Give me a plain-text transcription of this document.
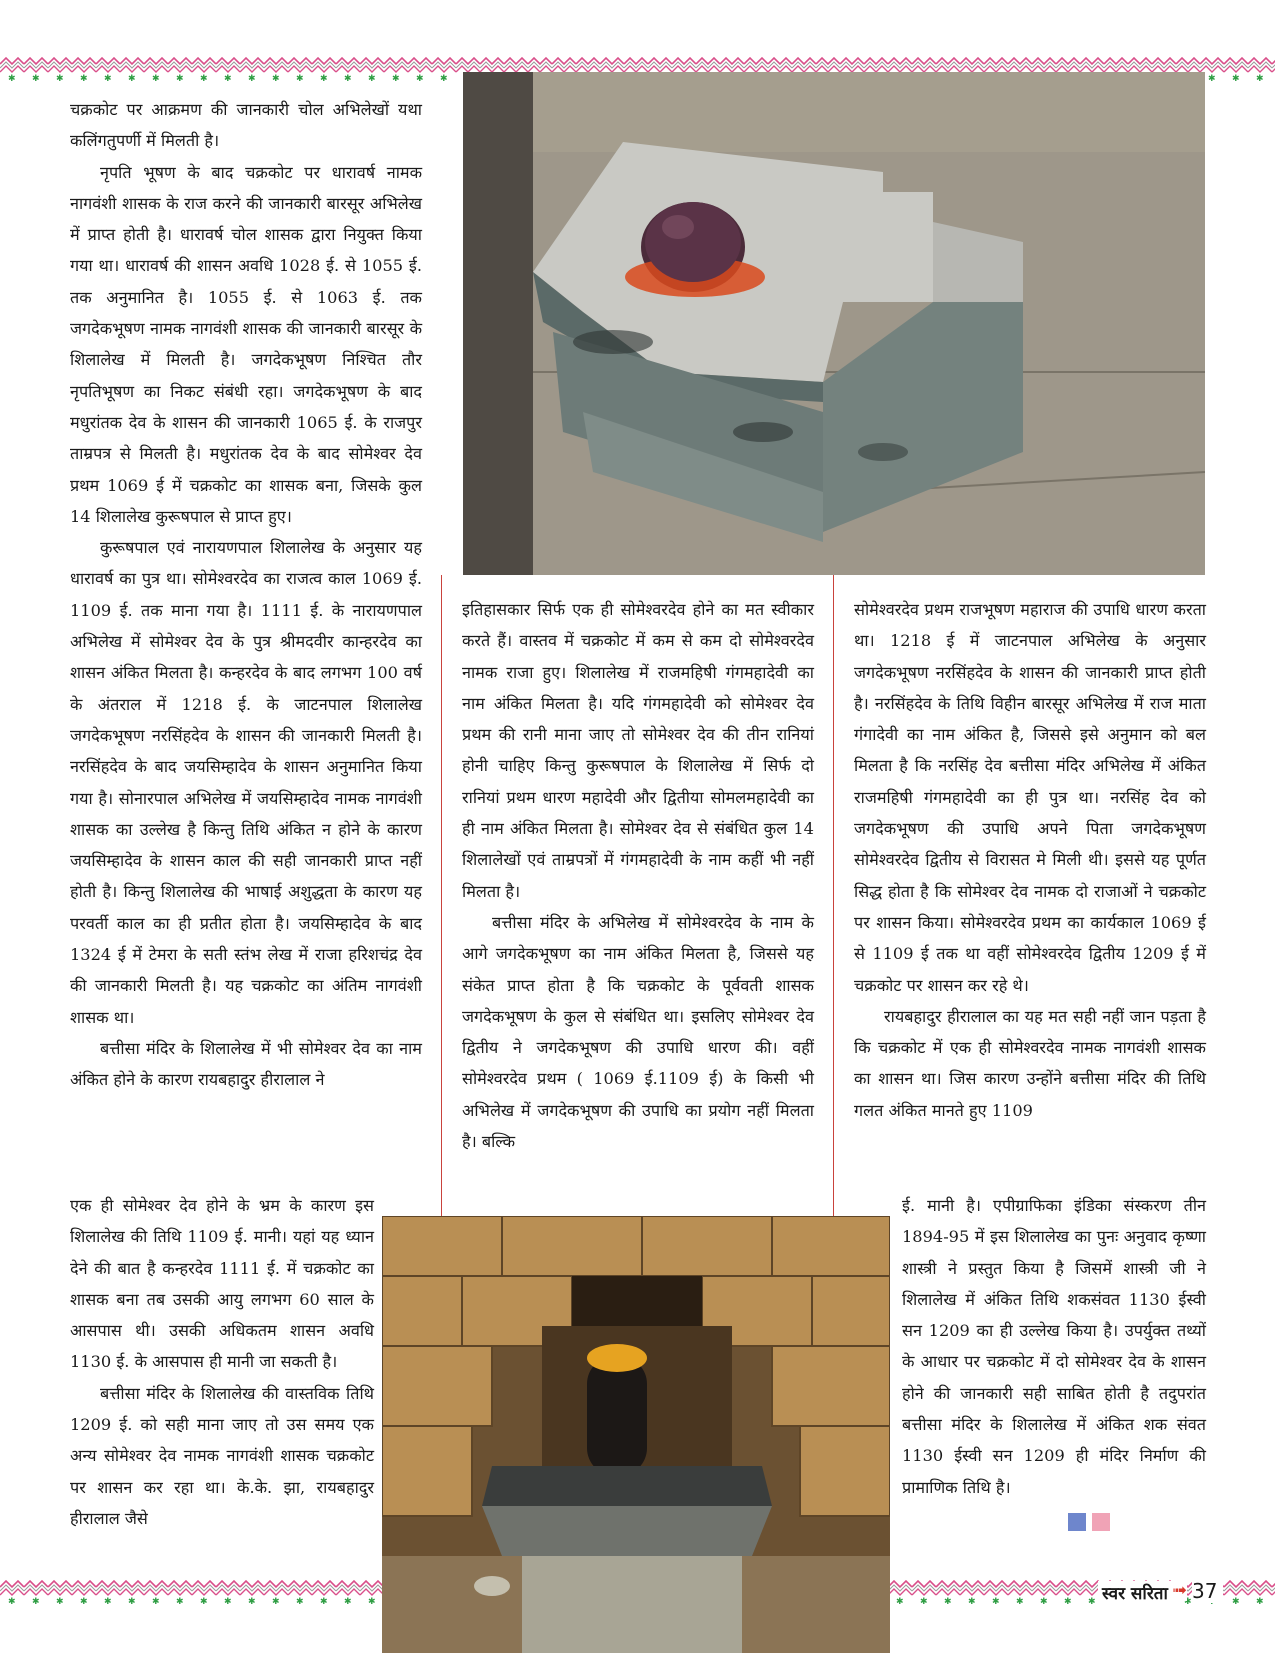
चक्रकोट पर आक्रमण की जानकारी चोल अभिलेखों यथा कलिंगतुपर्णी में मिलती है।

नृपति भूषण के बाद चक्रकोट पर धारावर्ष नामक नागवंशी शासक के राज करने की जानकारी बारसूर अभिलेख में प्राप्त होती है। धारावर्ष चोल शासक द्वारा नियुक्त किया गया था। धारावर्ष की शासन अवधि 1028 ई. से 1055 ई. तक अनुमानित है। 1055 ई. से 1063 ई. तक जगदेकभूषण नामक नागवंशी शासक की जानकारी बारसूर के शिलालेख में मिलती है। जगदेकभूषण निश्चित तौर नृपतिभूषण का निकट संबंधी रहा। जगदेकभूषण के बाद मधुरांतक देव के शासन की जानकारी 1065 ई. के राजपुर ताम्रपत्र से मिलती है। मधुरांतक देव के बाद सोमेश्वर देव प्रथम 1069 ई में चक्रकोट का शासक बना, जिसके कुल 14 शिलालेख कुरूषपाल से प्राप्त हुए।

कुरूषपाल एवं नारायणपाल शिलालेख के अनुसार यह धारावर्ष का पुत्र था। सोमेश्वरदेव का राजत्व काल 1069 ई. 1109 ई. तक माना गया है। 1111 ई. के नारायणपाल अभिलेख में सोमेश्वर देव के पुत्र श्रीमदवीर कान्हरदेव का शासन अंकित मिलता है। कन्हरदेव के बाद लगभग 100 वर्ष के अंतराल में 1218 ई. के जाटनपाल शिलालेख जगदेकभूषण नरसिंहदेव के शासन की जानकारी मिलती है। नरसिंहदेव के बाद जयसिम्हादेव के शासन अनुमानित किया गया है। सोनारपाल अभिलेख में जयसिम्हादेव नामक नागवंशी शासक का उल्लेख है किन्तु तिथि अंकित न होने के कारण जयसिम्हादेव के शासन काल की सही जानकारी प्राप्त नहीं होती है। किन्तु शिलालेख की भाषाई अशुद्धता के कारण यह परवर्ती काल का ही प्रतीत होता है। जयसिम्हादेव के बाद 1324 ई में टेमरा के सती स्तंभ लेख में राजा हरिशचंद्र देव की जानकारी मिलती है। यह चक्रकोट का अंतिम नागवंशी शासक था।

बत्तीसा मंदिर के शिलालेख में भी सोमेश्वर देव का नाम अंकित होने के कारण रायबहादुर हीरालाल ने

एक ही सोमेश्वर देव होने के भ्रम के कारण इस शिलालेख की तिथि 1109 ई. मानी। यहां यह ध्यान देने की बात है कन्हरदेव 1111 ई. में चक्रकोट का शासक बना तब उसकी आयु लगभग 60 साल के आसपास थी। उसकी अधिकतम शासन अवधि 1130 ई. के आसपास ही मानी जा सकती है।

बत्तीसा मंदिर के शिलालेख की वास्तविक तिथि 1209 ई. को सही माना जाए तो उस समय एक अन्य सोमेश्वर देव नामक नागवंशी शासक चक्रकोट पर शासन कर रहा था। के.के. झा, रायबहादुर हीरालाल जैसे

इतिहासकार सिर्फ एक ही सोमेश्वरदेव होने का मत स्वीकार करते हैं। वास्तव में चक्रकोट में कम से कम दो सोमेश्वरदेव नामक राजा हुए। शिलालेख में राजमहिषी गंगमहादेवी का नाम अंकित मिलता है। यदि गंगमहादेवी को सोमेश्वर देव प्रथम की रानी माना जाए तो सोमेश्वर देव की तीन रानियां होनी चाहिए किन्तु कुरूषपाल के शिलालेख में सिर्फ दो रानियां प्रथम धारण महादेवी और द्वितीया सोमलमहादेवी का ही नाम अंकित मिलता है। सोमेश्वर देव से संबंधित कुल 14 शिलालेखों एवं ताम्रपत्रों में गंगमहादेवी के नाम कहीं भी नहीं मिलता है।

बत्तीसा मंदिर के अभिलेख में सोमेश्वरदेव के नाम के आगे जगदेकभूषण का नाम अंकित मिलता है, जिससे यह संकेत प्राप्त होता है कि चक्रकोट के पूर्ववती शासक जगदेकभूषण के कुल से संबंधित था। इसलिए सोमेश्वर देव द्वितीय ने जगदेकभूषण की उपाधि धारण की। वहीं सोमेश्वरदेव प्रथम ( 1069 ई.1109 ई) के किसी भी अभिलेख में जगदेकभूषण की उपाधि का प्रयोग नहीं मिलता है। बल्कि

सोमेश्वरदेव प्रथम राजभूषण महाराज की उपाधि धारण करता था। 1218 ई में जाटनपाल अभिलेख के अनुसार जगदेकभूषण नरसिंहदेव के शासन की जानकारी प्राप्त होती है। नरसिंहदेव के तिथि विहीन बारसूर अभिलेख में राज माता गंगादेवी का नाम अंकित है, जिससे इसे अनुमान को बल मिलता है कि नरसिंह देव बत्तीसा मंदिर अभिलेख में अंकित राजमहिषी गंगमहादेवी का ही पुत्र था। नरसिंह देव को जगदेकभूषण की उपाधि अपने पिता जगदेकभूषण सोमेश्वरदेव द्वितीय से विरासत मे मिली थी। इससे यह पूर्णत सिद्ध होता है कि सोमेश्वर देव नामक दो राजाओं ने चक्रकोट पर शासन किया। सोमेश्वरदेव प्रथम का कार्यकाल 1069 ई से 1109 ई तक था वहीं सोमेश्वरदेव द्वितीय 1209 ई में चक्रकोट पर शासन कर रहे थे।

रायबहादुर हीरालाल का यह मत सही नहीं जान पड़ता है कि चक्रकोट में एक ही सोमेश्वरदेव नामक नागवंशी शासक का शासन था। जिस कारण उन्होंने बत्तीसा मंदिर की तिथि गलत अंकित मानते हुए 1109

ई. मानी है। एपीग्राफिका इंडिका संस्करण तीन 1894-95 में इस शिलालेख का पुनः अनुवाद कृष्णा शास्त्री ने प्रस्तुत किया है जिसमें शास्त्री जी ने शिलालेख में अंकित तिथि शकसंवत 1130 ईस्वी सन 1209 का ही उल्लेख किया है। उपर्युक्त तथ्यों के आधार पर चक्रकोट में दो सोमेश्वर देव के शासन होने की जानकारी सही साबित होती है तदुपरांत बत्तीसा मंदिर के शिलालेख में अंकित शक संवत 1130 ईस्वी सन 1209 ही मंदिर निर्माण की प्रामाणिक तिथि है।

स्वर सरिता ➟ 37
